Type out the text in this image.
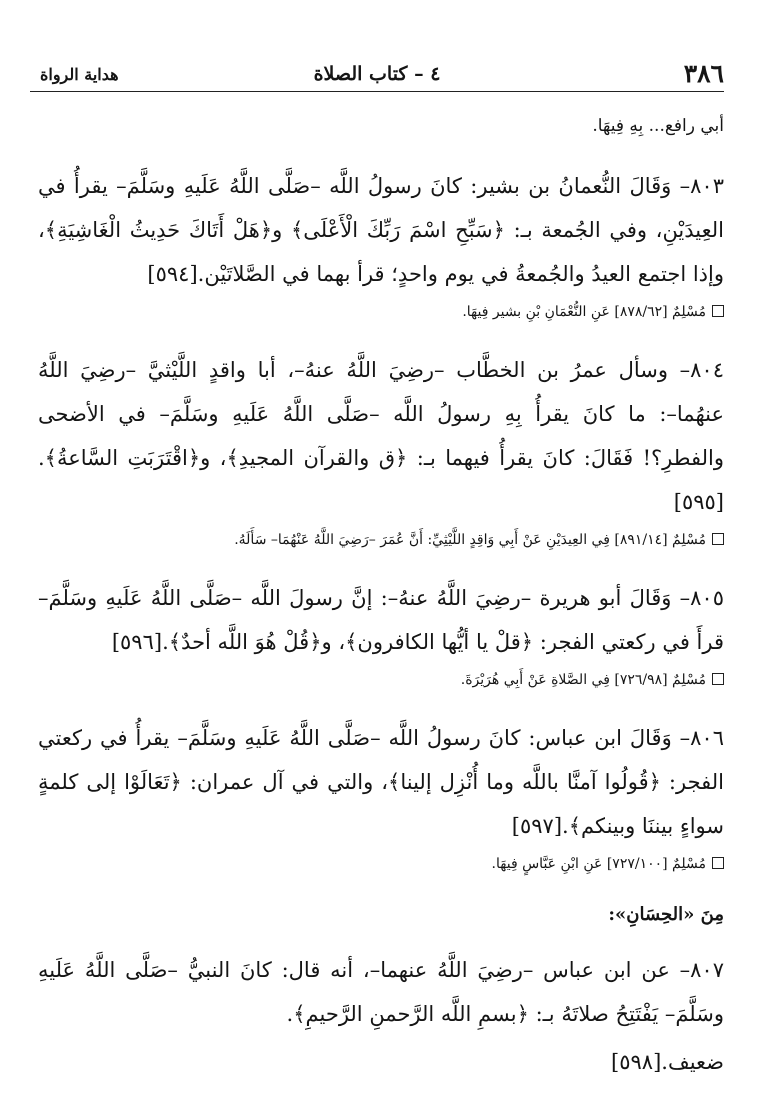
٣٨٦
٤ – كتاب الصلاة
هداية الرواة

أبي رافع... بِهِ فِيهَا.

٨٠٣– وَقَالَ النُّعمانُ بن بشير: كانَ رسولُ اللَّه –صَلَّى اللَّهُ عَلَيهِ وسَلَّمَ– يقرأُ في العِيدَيْنِ، وفي الجُمعة بـ: ﴿سَبِّحِ اسْمَ رَبِّكَ الْأَعْلَى﴾ و﴿هَلْ أَتَاكَ حَدِيثُ الْغَاشِيَةِ﴾، وإذا اجتمع العيدُ والجُمعةُ في يوم واحدٍ؛ قرأ بهما في الصَّلاتَيْن.[٥٩٤]

مُسْلِمٌ [٨٧٨/٦٢] عَنِ النُّعْمَانِ بْنِ بشير فِيهَا.

٨٠٤– وسأل عمرُ بن الخطَّاب –رضِيَ اللَّهُ عنهُ–، أبا واقدٍ اللَّيْثيَّ –رضِيَ اللَّهُ عنهُما–: ما كانَ يقرأُ بِهِ رسولُ اللَّه –صَلَّى اللَّهُ عَلَيهِ وسَلَّمَ– في الأضحى والفطرِ؟! فَقَالَ: كانَ يقرأُ فيهما بـ: ﴿ق والقرآن المجيدِ﴾، و﴿اقْتَرَبَتِ السَّاعةُ﴾.[٥٩٥]

مُسْلِمٌ [٨٩١/١٤] فِي العِيدَيْنِ عَنْ أَبِي وَاقِدٍ اللَّيْثِيِّ: أَنَّ عُمَرَ –رَضِيَ اللَّهُ عَنْهُمَا– سَأَلَهُ.

٨٠٥– وَقَالَ أبو هريرة –رضِيَ اللَّهُ عنهُ–: إنَّ رسولَ اللَّه –صَلَّى اللَّهُ عَلَيهِ وسَلَّمَ– قرأَ في ركعتي الفجر: ﴿قلْ يا أيُّها الكافرون﴾، و﴿قُلْ هُوَ اللَّه أحدٌ﴾.[٥٩٦]

مُسْلِمٌ [٧٢٦/٩٨] فِي الصَّلاةِ عَنْ أَبِي هُرَيْرَةَ.

٨٠٦– وَقَالَ ابن عباس: كانَ رسولُ اللَّه –صَلَّى اللَّهُ عَلَيهِ وسَلَّمَ– يقرأُ في ركعتي الفجر: ﴿قُولُوا آمنَّا باللَّه وما أُنْزِل إلينا﴾، والتي في آل عمران: ﴿تَعَالَوْا إلى كلمةٍ سواءٍ بيننَا وبينكم﴾.[٥٩٧]

مُسْلِمٌ [٧٢٧/١٠٠] عَنِ ابْنِ عَبَّاسٍ فِيهَا.

مِنَ «الحِسَانِ»:

٨٠٧– عن ابن عباس –رضِيَ اللَّهُ عنهما–، أنه قال: كانَ النبيُّ –صَلَّى اللَّهُ عَلَيهِ وسَلَّمَ– يَفْتَتِحُ صلاتَهُ بـ: ﴿بسمِ اللَّه الرَّحمنِ الرَّحيمِ﴾.

ضعيف.[٥٩٨]
